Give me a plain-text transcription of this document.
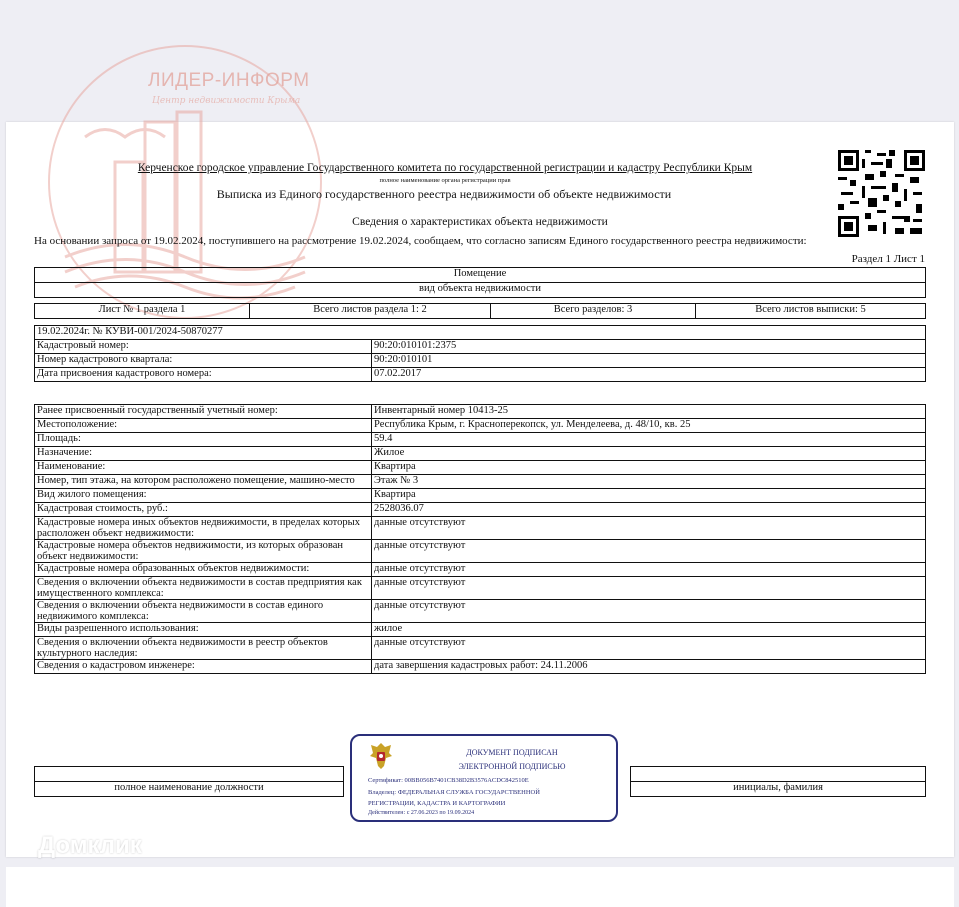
ЛИДЕР-ИНФОРМ
Центр недвижимости Крыма
Керченское городское управление Государственного комитета по государственной регистрации и кадастру Республики Крым
полное наименование органа регистрации прав
Выписка из Единого государственного реестра недвижимости об объекте недвижимости
Сведения о характеристиках объекта недвижимости
На основании запроса от 19.02.2024, поступившего на рассмотрение 19.02.2024, сообщаем, что согласно записям Единого государственного реестра недвижимости:
Раздел 1 Лист 1
Помещение
вид объекта недвижимости
Лист № 1 раздела 1	Всего листов раздела 1: 2	Всего разделов: 3	Всего листов выписки: 5
19.02.2024г. № КУВИ-001/2024-50870277	
Кадастровый номер:	90:20:010101:2375
Номер кадастрового квартала:	90:20:010101
Дата присвоения кадастрового номера:	07.02.2017
Ранее присвоенный государственный учетный номер:	Инвентарный номер 10413-25
Местоположение:	Республика Крым, г. Красноперекопск, ул. Менделеева, д. 48/10, кв. 25
Площадь:	59.4
Назначение:	Жилое
Наименование:	Квартира
Номер, тип этажа, на котором расположено помещение, машино-место	Этаж № 3
Вид жилого помещения:	Квартира
Кадастровая стоимость, руб.:	2528036.07
Кадастровые номера иных объектов недвижимости, в пределах которых расположен объект недвижимости:	данные отсутствуют
Кадастровые номера объектов недвижимости, из которых образован объект недвижимости:	данные отсутствуют
Кадастровые номера образованных объектов недвижимости:	данные отсутствуют
Сведения о включении объекта недвижимости в состав предприятия как имущественного комплекса:	данные отсутствуют
Сведения о включении объекта недвижимости в состав единого недвижимого комплекса:	данные отсутствуют
Виды разрешенного использования:	жилое
Сведения о включении объекта недвижимости в реестр объектов культурного наследия:	данные отсутствуют
Сведения о кадастровом инженере:	дата завершения кадастровых работ: 24.11.2006

полное наименование должности		инициалы, фамилия
ДОКУМЕНТ ПОДПИСАН
ЭЛЕКТРОННОЙ ПОДПИСЬЮ
Сертификат: 00BB056B7401CB38D2B3576ACDC842510E
Владелец: ФЕДЕРАЛЬНАЯ СЛУЖБА ГОСУДАРСТВЕННОЙ
РЕГИСТРАЦИИ, КАДАСТРА И КАРТОГРАФИИ
Действителен: с 27.06.2023 по 19.09.2024
Домклик
